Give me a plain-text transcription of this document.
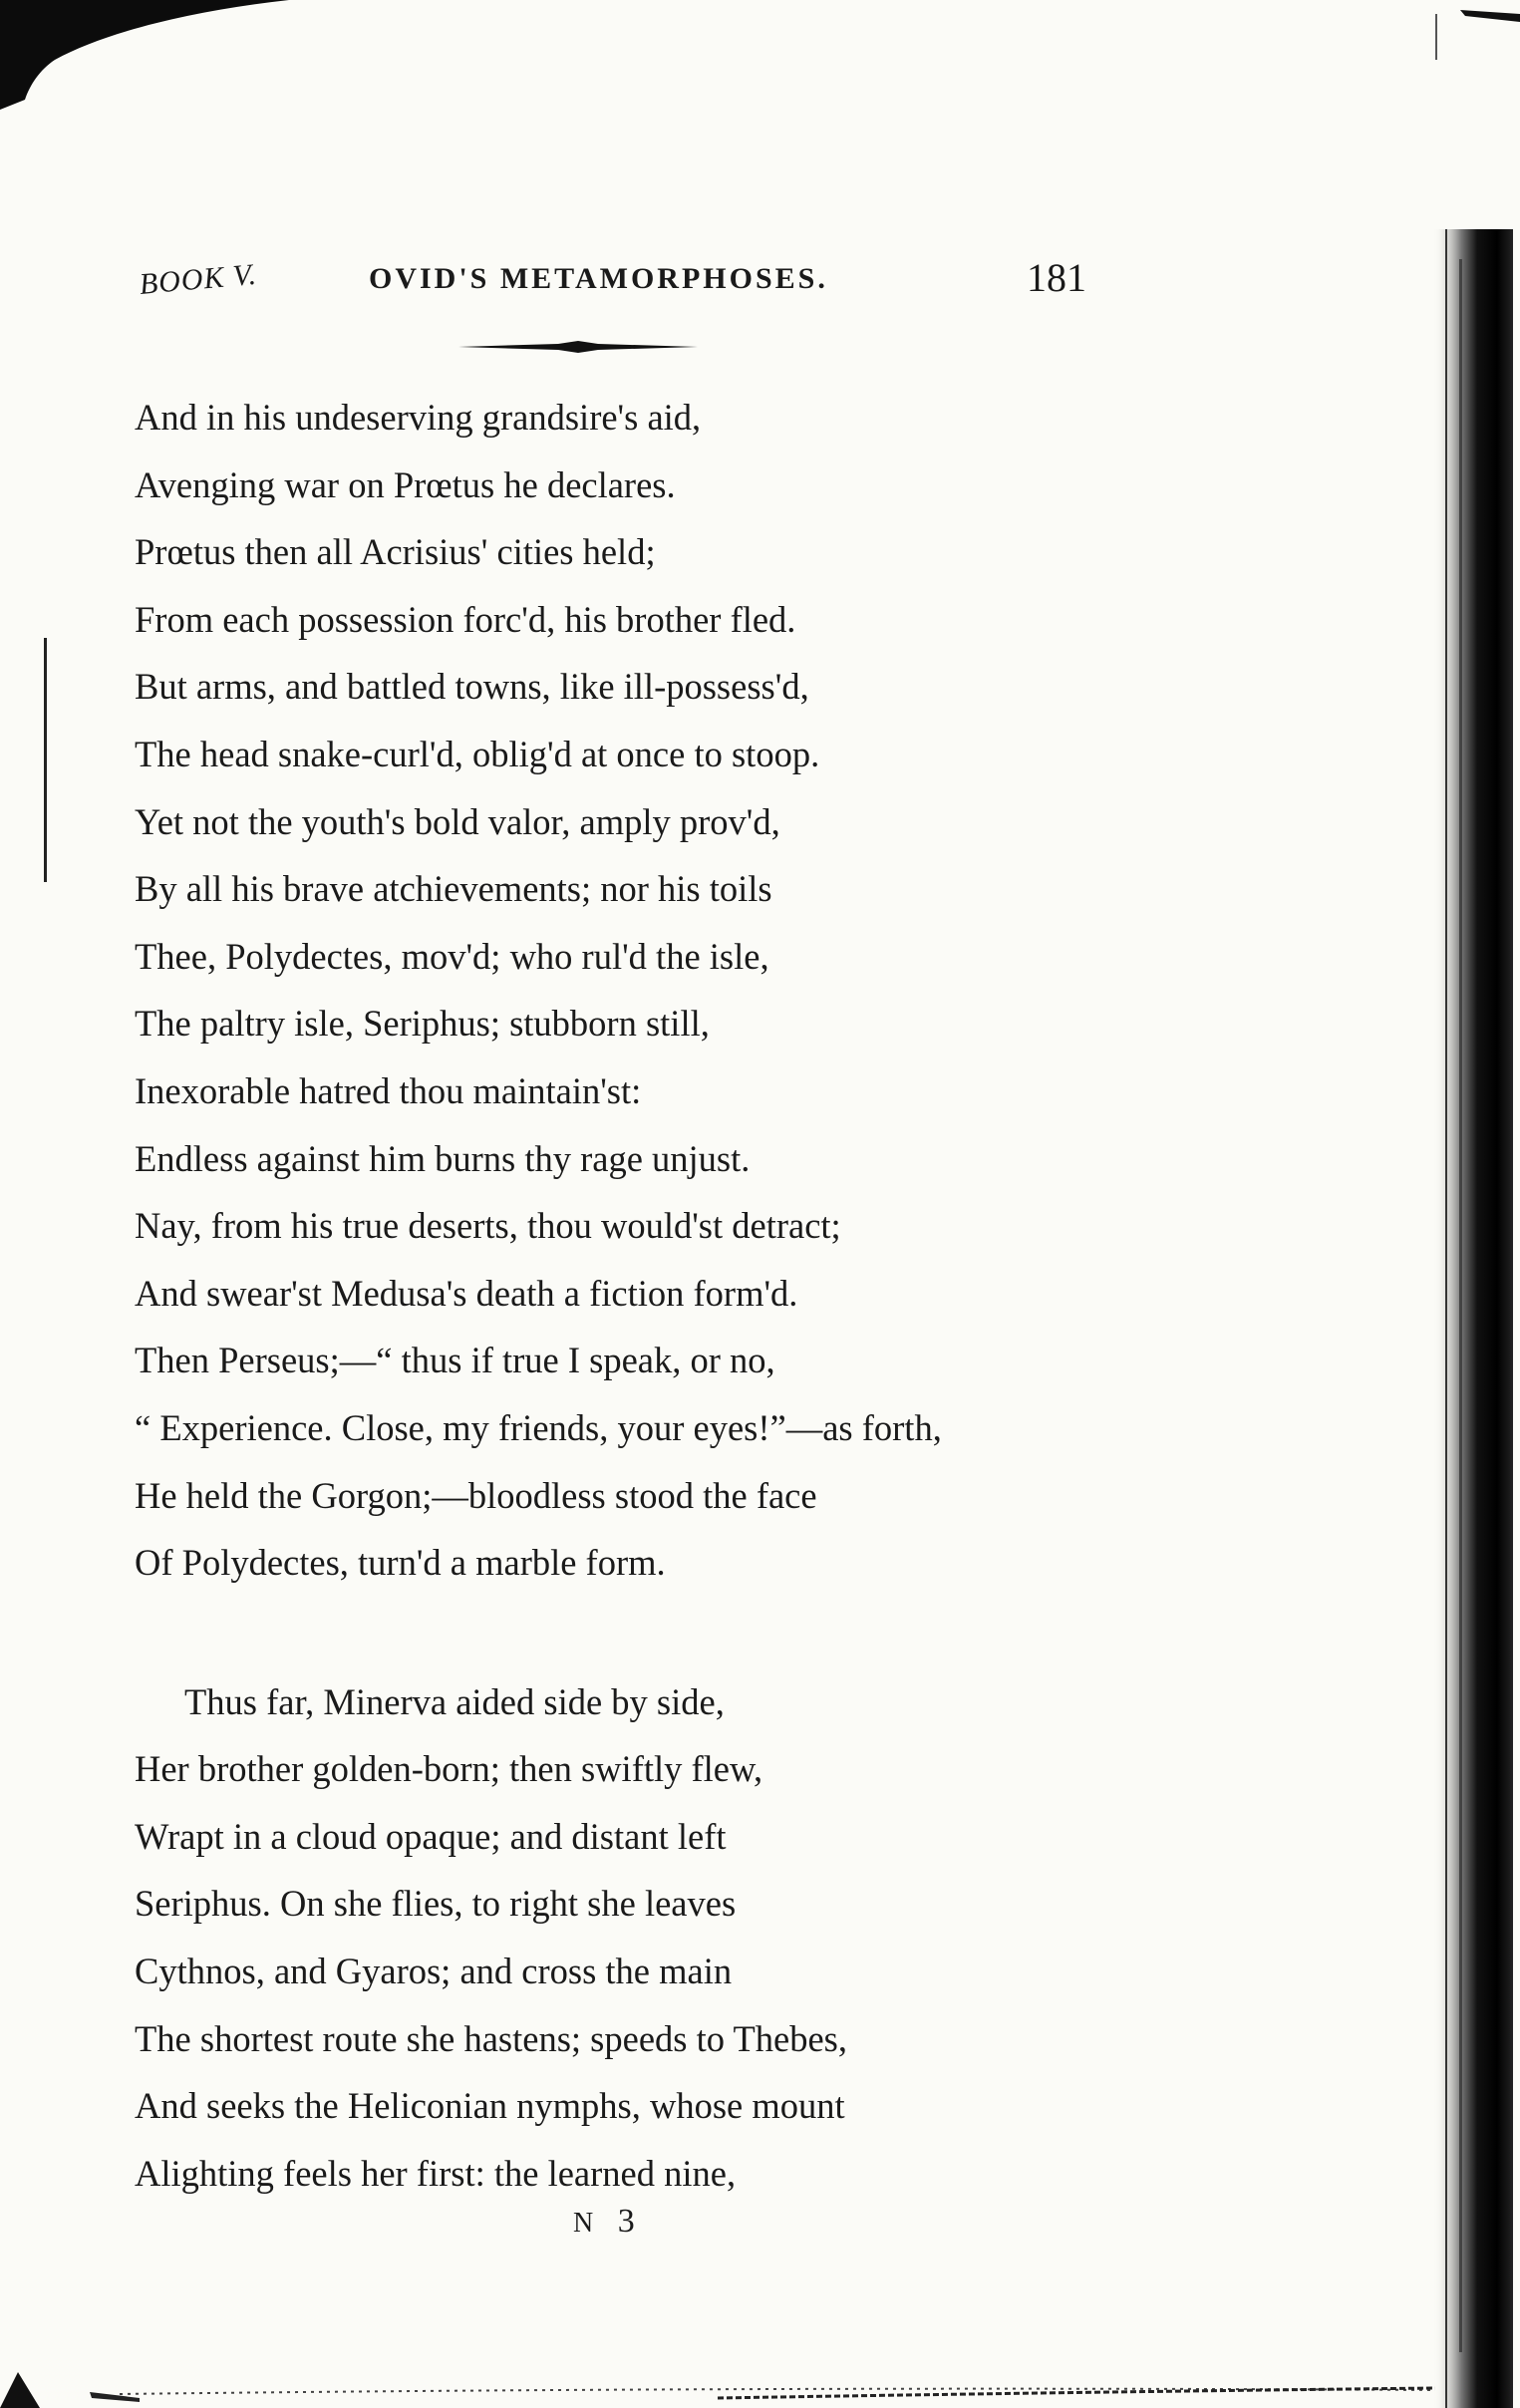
BOOK V.	OVID'S METAMORPHOSES.	181
And in his undeserving grandsire's aid,
Avenging war on Prœtus he declares.
Prœtus then all Acrisius' cities held;
From each possession forc'd, his brother fled.
But arms, and battled towns, like ill-possess'd,
The head snake-curl'd, oblig'd at once to stoop.
Yet not the youth's bold valor, amply prov'd,
By all his brave atchievements; nor his toils
Thee, Polydectes, mov'd; who rul'd the isle,
The paltry isle, Seriphus; stubborn still,
Inexorable hatred thou maintain'st:
Endless against him burns thy rage unjust.
Nay, from his true deserts, thou would'st detract;
And swear'st Medusa's death a fiction form'd.
Then Perseus;—“ thus if true I speak, or no,
“ Experience. Close, my friends, your eyes!”—as forth,
He held the Gorgon;—bloodless stood the face
Of Polydectes, turn'd a marble form.
Thus far, Minerva aided side by side,
Her brother golden-born; then swiftly flew,
Wrapt in a cloud opaque; and distant left
Seriphus. On she flies, to right she leaves
Cythnos, and Gyaros; and cross the main
The shortest route she hastens; speeds to Thebes,
And seeks the Heliconian nymphs, whose mount
Alighting feels her first: the learned nine,
N 3
